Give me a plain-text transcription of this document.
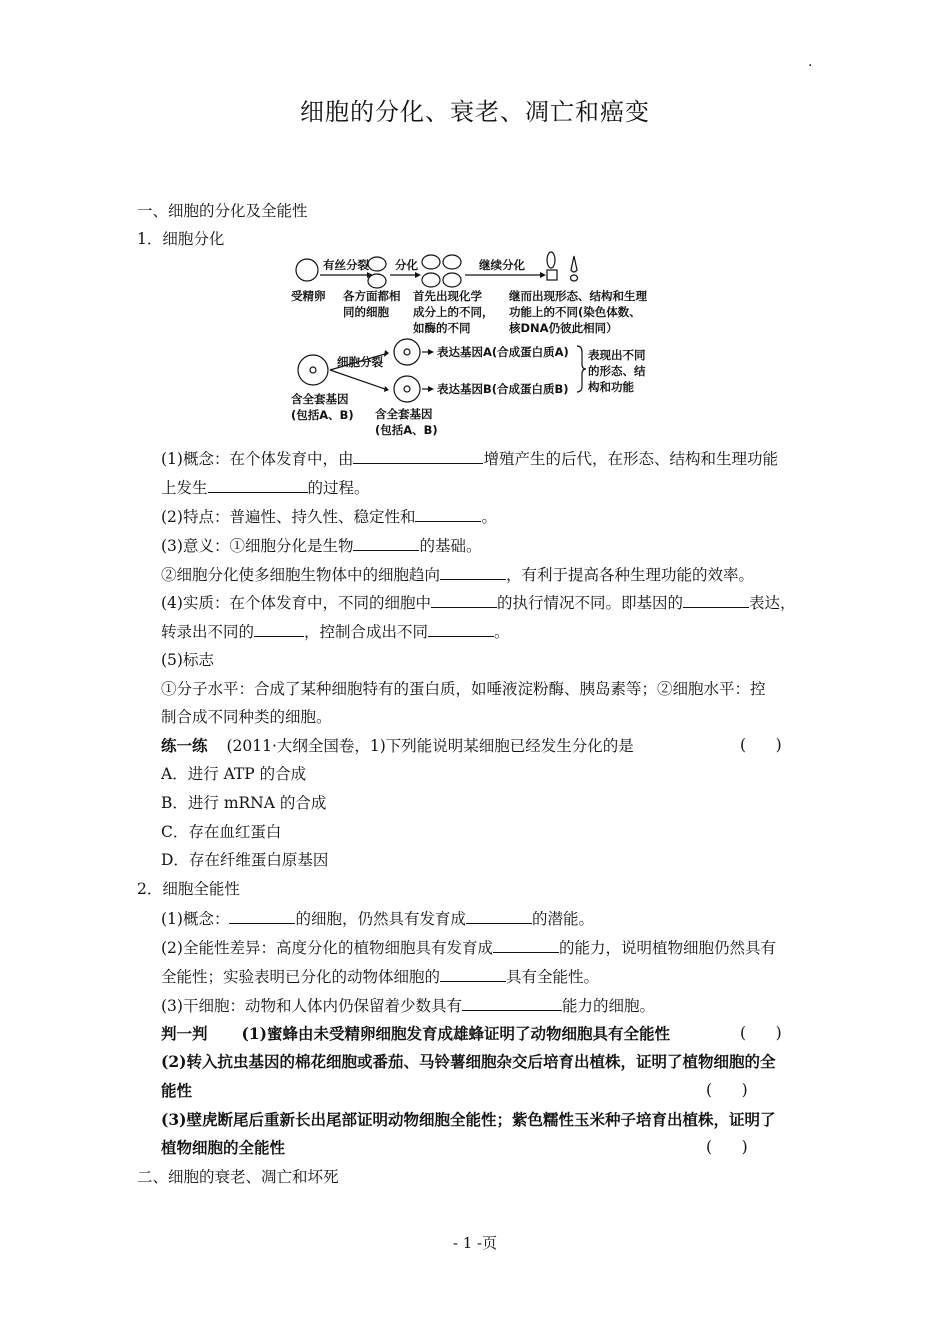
.
细胞的分化、衰老、凋亡和癌变
一、细胞的分化及全能性
1．细胞分化
有丝分裂 分化	继续分化
受精卵 各方面都相
同的细胞
首先出现化学
成分上的不同，
如酶的不同
继而出现形态、结构和生理
功能上的不同(染色体数、
核DNA仍彼此相同）
细胞分裂
表达基因A(合成蛋白质A)
表达基因B(合成蛋白质B)
表现出不同
的形态、结
构和功能
含全套基因
(包括A、B) 含全套基因
(包括A、B)
(1)概念：在个体发育中，由	增殖产生的后代，在形态、结构和生理功能
上发生	的过程。
(2)特点：普遍性、持久性、稳定性和	。
(3)意义：①细胞分化是生物	的基础。
②细胞分化使多细胞生物体中的细胞趋向	，有利于提高各种生理功能的效率。
(4)实质：在个体发育中，不同的细胞中	的执行情况不同。即基因的	表达，
转录出不同的	，控制合成出不同	。
(5)标志
①分子水平：合成了某种细胞特有的蛋白质，如唾液淀粉酶、胰岛素等；②细胞水平：控
制合成不同种类的细胞。
练一练 (2011·大纲全国卷，1)下列能说明某细胞已经发生分化的是	(      )
A．进行 ATP 的合成
B．进行 mRNA 的合成
C．存在血红蛋白
D．存在纤维蛋白原基因
2．细胞全能性
(1)概念：	的细胞，仍然具有发育成	的潜能。
(2)全能性差异：高度分化的植物细胞具有发育成	的能力，说明植物细胞仍然具有
全能性；实验表明已分化的动物体细胞的	具有全能性。
(3)干细胞：动物和人体内仍保留着少数具有	能力的细胞。
判一判 (1)蜜蜂由未受精卵细胞发育成雄蜂证明了动物细胞具有全能性	(      )
(2)转入抗虫基因的棉花细胞或番茄、马铃薯细胞杂交后培育出植株，证明了植物细胞的全
能性	(      )
(3)壁虎断尾后重新长出尾部证明动物细胞全能性；紫色糯性玉米种子培育出植株，证明了
植物细胞的全能性	(      )
二、细胞的衰老、凋亡和坏死
- 1 -页
